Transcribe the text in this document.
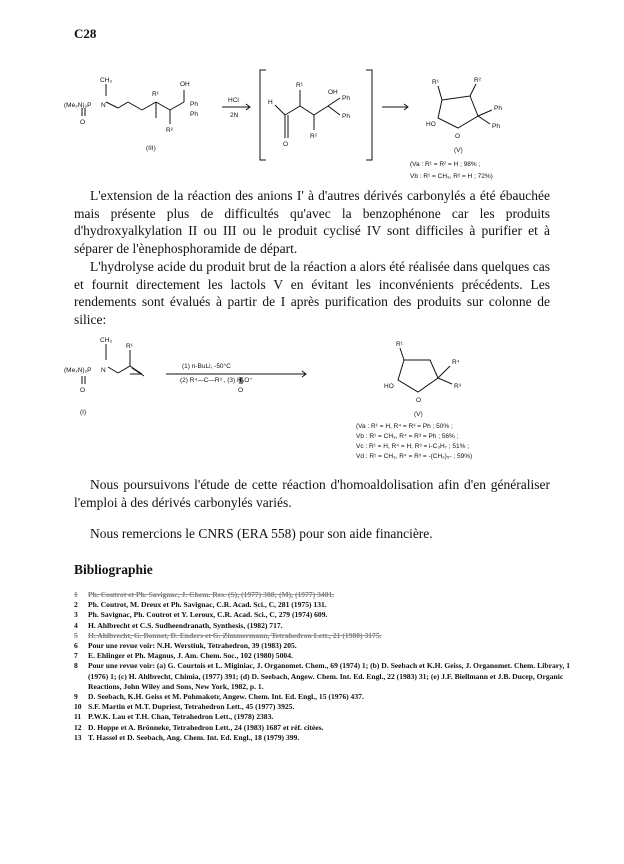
C28
CH₃
(Me₂N)₂P N
O
R¹
OH
Ph
Ph
R²
(III)
HCl
2N
H
O
R¹
OH
Ph
Ph
R²
R¹	R²
Ph
Ph
HO
O
(V)
(Va : R¹ = R² = H ; 98% ;
Vb : R¹ = CH₃, R² = H ; 72%)

L'extension de la réaction des anions I' à d'autres dérivés carbonylés a été ébauchée mais présente plus de difficultés qu'avec la benzophénone car les produits d'hydroxyalkylation II ou III ou le produit cyclisé IV sont difficiles à purifier et à séparer de l'ènephosphoramide de départ.

L'hydrolyse acide du produit brut de la réaction a alors été réalisée dans quelques cas et fournit directement les lactols V en évitant les inconvénients précédents. Les rendements sont évalués à partir de I après purification des produits sur colonne de silice:

CH₃
R¹
(Me₂N)₂P N
O
(I)
(1) n-BuLi, -50°C
(2) R⁴—C—R³ , (3) H₃O⁺
O
R¹
R⁴
R³
HO
O
(V)
(Va : R¹ = H, R⁴ = R³ = Ph ; 50% ;
Vb : R¹ = CH₃, R⁴ = R³ = Ph ; 56% ;
Vc : R¹ = H, R⁴ = H, R³ = i-C₃H₇ ; 51% ;
Vd : R¹ = CH₃, R⁴ = R³ = -(CH₂)₅- ; 59%)

Nous poursuivons l'étude de cette réaction d'homoaldolisation afin d'en généraliser l'emploi à des dérivés carbonylés variés.

Nous remercions le CNRS (ERA 558) pour son aide financière.
Bibliographie
1	Ph. Coutrot et Ph. Savignac, J. Chem. Res. (S), (1977) 308; (M), (1977) 3401.
2	Ph. Coutrot, M. Dreux et Ph. Savignac, C.R. Acad. Sci., C, 281 (1975) 131.
3	Ph. Savignac, Ph. Coutrot et Y. Leroux, C.R. Acad. Sci., C, 279 (1974) 609.
4	H. Ahlbrecht et C.S. Sudheendranath, Synthesis, (1982) 717.
5	H. Ahlbrecht, G. Bonnet, D. Enders et G. Zimmermann, Tetrahedron Lett., 21 (1980) 3175.
6	Pour une revue voir: N.H. Werstiuk, Tetrahedron, 39 (1983) 205.
7	E. Ehlinger et Ph. Magnus, J. Am. Chem. Soc., 102 (1980) 5004.
8	Pour une revue voir: (a) G. Courtois et L. Miginiac, J. Organomet. Chem., 69 (1974) 1; (b) D. Seebach et K.H. Geiss, J. Organomet. Chem. Library, 1 (1976) 1; (c) H. Ahlbrecht, Chimia, (1977) 391; (d) D. Seebach, Angew. Chem. Int. Ed. Engl., 22 (1983) 31; (e) J.F. Biellmann et J.B. Ducep, Organic Reactions, John Wiley and Sons, New York, 1982, p. 1.
9	D. Seebach, K.H. Geiss et M. Pohmakotr, Angew. Chem. Int. Ed. Engl., 15 (1976) 437.
10 S.F. Martin et M.T. Dupriest, Tetrahedron Lett., 45 (1977) 3925.
11 P.W.K. Lau et T.H. Chan, Tetrahedron Lett., (1978) 2383.
12 D. Hoppe et A. Brönneke, Tetrahedron Lett., 24 (1983) 1687 et réf. citées.
13 T. Hassel et D. Seebach, Ang. Chem. Int. Ed. Engl., 18 (1979) 399.
